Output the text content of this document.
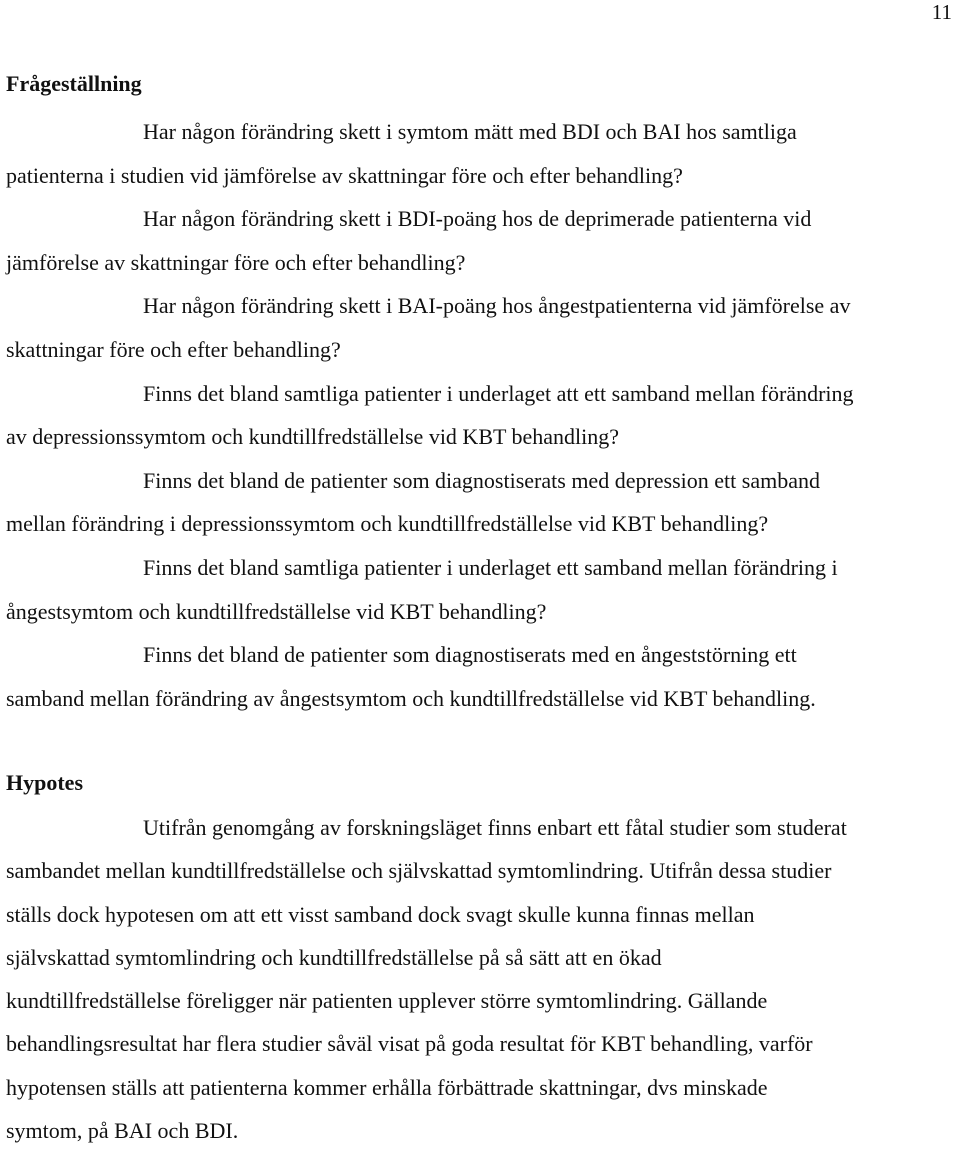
11
Frågeställning
Har någon förändring skett i symtom mätt med BDI och BAI hos samtliga
patienterna i studien vid jämförelse av skattningar före och efter behandling?
Har någon förändring skett i BDI-poäng hos de deprimerade patienterna vid
jämförelse av skattningar före och efter behandling?
Har någon förändring skett i BAI-poäng hos ångestpatienterna vid jämförelse av
skattningar före och efter behandling?
Finns det bland samtliga patienter i underlaget att ett samband mellan förändring
av depressionssymtom och kundtillfredställelse vid KBT behandling?
Finns det bland de patienter som diagnostiserats med depression ett samband
mellan förändring i depressionssymtom och kundtillfredställelse vid KBT behandling?
Finns det bland samtliga patienter i underlaget ett samband mellan förändring i
ångestsymtom och kundtillfredställelse vid KBT behandling?
Finns det bland de patienter som diagnostiserats med en ångeststörning ett
samband mellan förändring av ångestsymtom och kundtillfredställelse vid KBT behandling.
Hypotes
Utifrån genomgång av forskningsläget finns enbart ett fåtal studier som studerat
sambandet mellan kundtillfredställelse och självskattad symtomlindring. Utifrån dessa studier
ställs dock hypotesen om att ett visst samband dock svagt skulle kunna finnas mellan
självskattad symtomlindring och kundtillfredställelse på så sätt att en ökad
kundtillfredställelse föreligger när patienten upplever större symtomlindring. Gällande
behandlingsresultat har flera studier såväl visat på goda resultat för KBT behandling, varför
hypotensen ställs att patienterna kommer erhålla förbättrade skattningar, dvs minskade
symtom, på BAI och BDI.
